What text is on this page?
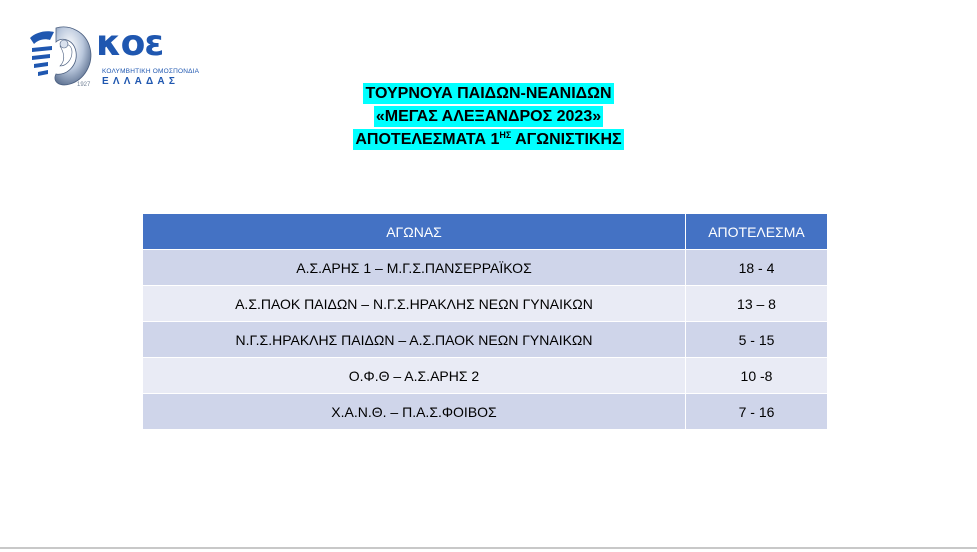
κοε
ΚΟΛΥΜΒΗΤΙΚΗ ΟΜΟΣΠΟΝΔΙΑ
ΕΛΛΑΔΑΣ
1927	ΤΟΥΡΝΟΥΑ ΠΑΙΔΩΝ-ΝΕΑΝΙΔΩΝ
«ΜΕΓΑΣ ΑΛΕΞΑΝΔΡΟΣ 2023»
ΑΠΟΤΕΛΕΣΜΑΤΑ $1^{H\Sigma}$ ΑΓΩΝΙΣΤΙΚΗΣ
ΑΓΩΝΑΣ	ΑΠΟΤΕΛΕΣΜΑ
Α.Σ.ΑΡΗΣ 1 – Μ.Γ.Σ.ΠΑΝΣΕΡΡΑΪΚΟΣ	18 - 4
Α.Σ.ΠΑΟΚ ΠΑΙΔΩΝ – Ν.Γ.Σ.ΗΡΑΚΛΗΣ ΝΕΩΝ ΓΥΝΑΙΚΩΝ	13 – 8
Ν.Γ.Σ.ΗΡΑΚΛΗΣ ΠΑΙΔΩΝ – Α.Σ.ΠΑΟΚ ΝΕΩΝ ΓΥΝΑΙΚΩΝ	5 - 15
Ο.Φ.Θ – Α.Σ.ΑΡΗΣ 2	10 -8
Χ.Α.Ν.Θ. – Π.Α.Σ.ΦΟΙΒΟΣ	7 - 16
